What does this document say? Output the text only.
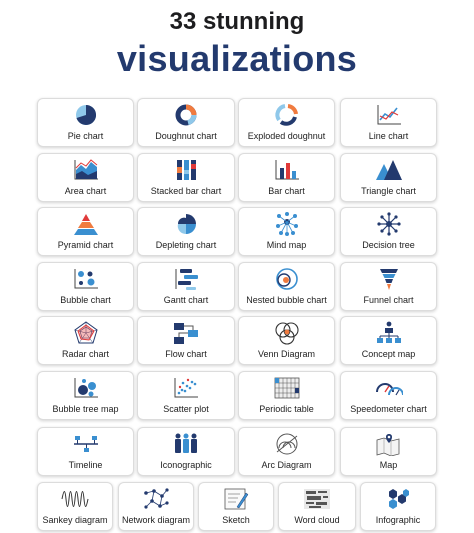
33 stunning
visualizations
Pie chart	Doughnut chart	Exploded doughnut	Line chart
Area chart	Stacked bar chart	Bar chart	Triangle chart
Pyramid chart	Depleting chart	Mind map	Decision tree
Bubble chart	Gantt chart	Nested bubble chart	Funnel chart
Radar chart	Flow chart	Venn Diagram	Concept map
Bubble tree map	Scatter plot	Periodic table	Speedometer chart
Timeline	Iconographic	Arc Diagram	Map
Sankey diagram	Network diagram	Sketch	Word cloud	Infographic
